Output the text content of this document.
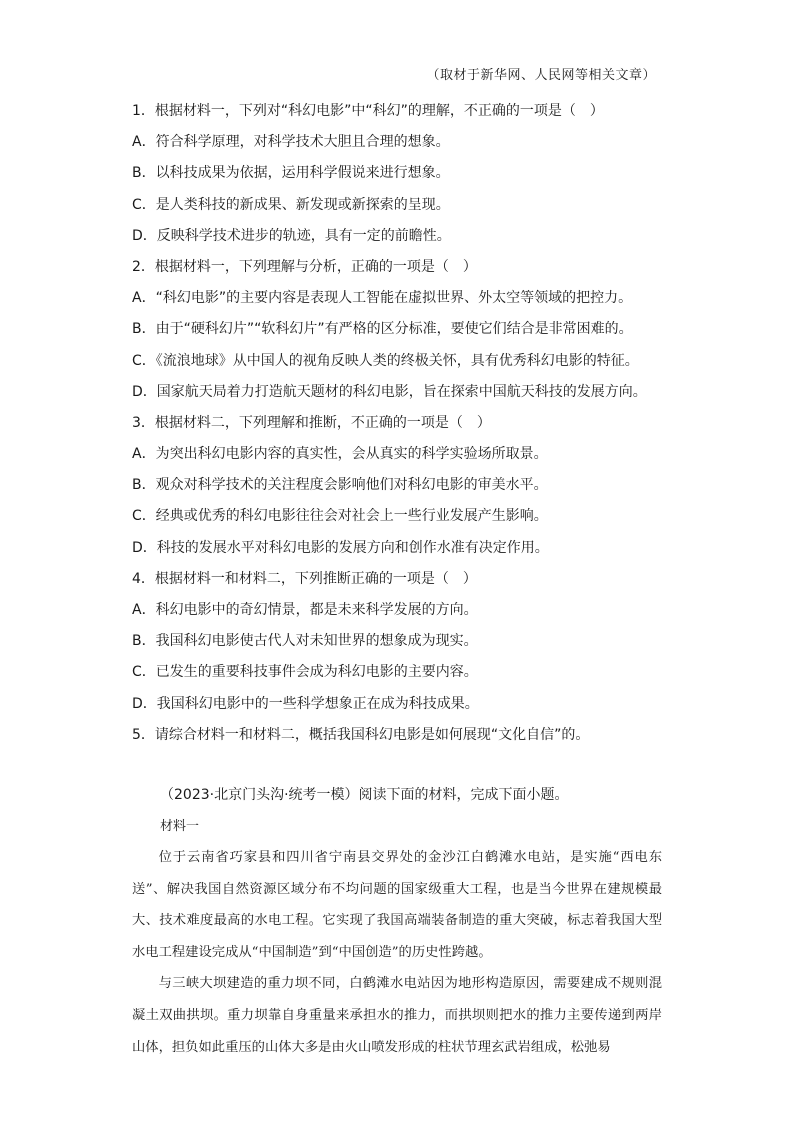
（取材于新华网、人民网等相关文章）
1．根据材料一，下列对“科幻电影”中“科幻”的理解，不正确的一项是（　）
A．符合科学原理，对科学技术大胆且合理的想象。
B．以科技成果为依据，运用科学假说来进行想象。
C．是人类科技的新成果、新发现或新探索的呈现。
D．反映科学技术进步的轨迹，具有一定的前瞻性。
2．根据材料一，下列理解与分析，正确的一项是（　）
A．“科幻电影”的主要内容是表现人工智能在虚拟世界、外太空等领域的把控力。
B．由于“硬科幻片”“软科幻片”有严格的区分标准，要使它们结合是非常困难的。
C．《流浪地球》从中国人的视角反映人类的终极关怀，具有优秀科幻电影的特征。
D．国家航天局着力打造航天题材的科幻电影，旨在探索中国航天科技的发展方向。
3．根据材料二，下列理解和推断，不正确的一项是（　）
A．为突出科幻电影内容的真实性，会从真实的科学实验场所取景。
B．观众对科学技术的关注程度会影响他们对科幻电影的审美水平。
C．经典或优秀的科幻电影往往会对社会上一些行业发展产生影响。
D．科技的发展水平对科幻电影的发展方向和创作水准有决定作用。
4．根据材料一和材料二，下列推断正确的一项是（　）
A．科幻电影中的奇幻情景，都是未来科学发展的方向。
B．我国科幻电影使古代人对未知世界的想象成为现实。
C．已发生的重要科技事件会成为科幻电影的主要内容。
D．我国科幻电影中的一些科学想象正在成为科技成果。
5．请综合材料一和材料二，概括我国科幻电影是如何展现“文化自信”的。
（2023·北京门头沟·统考一模）阅读下面的材料，完成下面小题。
材料一

位于云南省巧家县和四川省宁南县交界处的金沙江白鹤滩水电站，是实施“西电东送”、解决我国自然资源区域分布不均问题的国家级重大工程，也是当今世界在建规模最大、技术难度最高的水电工程。它实现了我国高端装备制造的重大突破，标志着我国大型水电工程建设完成从“中国制造”到“中国创造”的历史性跨越。

与三峡大坝建造的重力坝不同，白鹤滩水电站因为地形构造原因，需要建成不规则混凝土双曲拱坝。重力坝靠自身重量来承担水的推力，而拱坝则把水的推力主要传递到两岸山体，担负如此重压的山体大多是由火山喷发形成的柱状节理玄武岩组成，松弛易
